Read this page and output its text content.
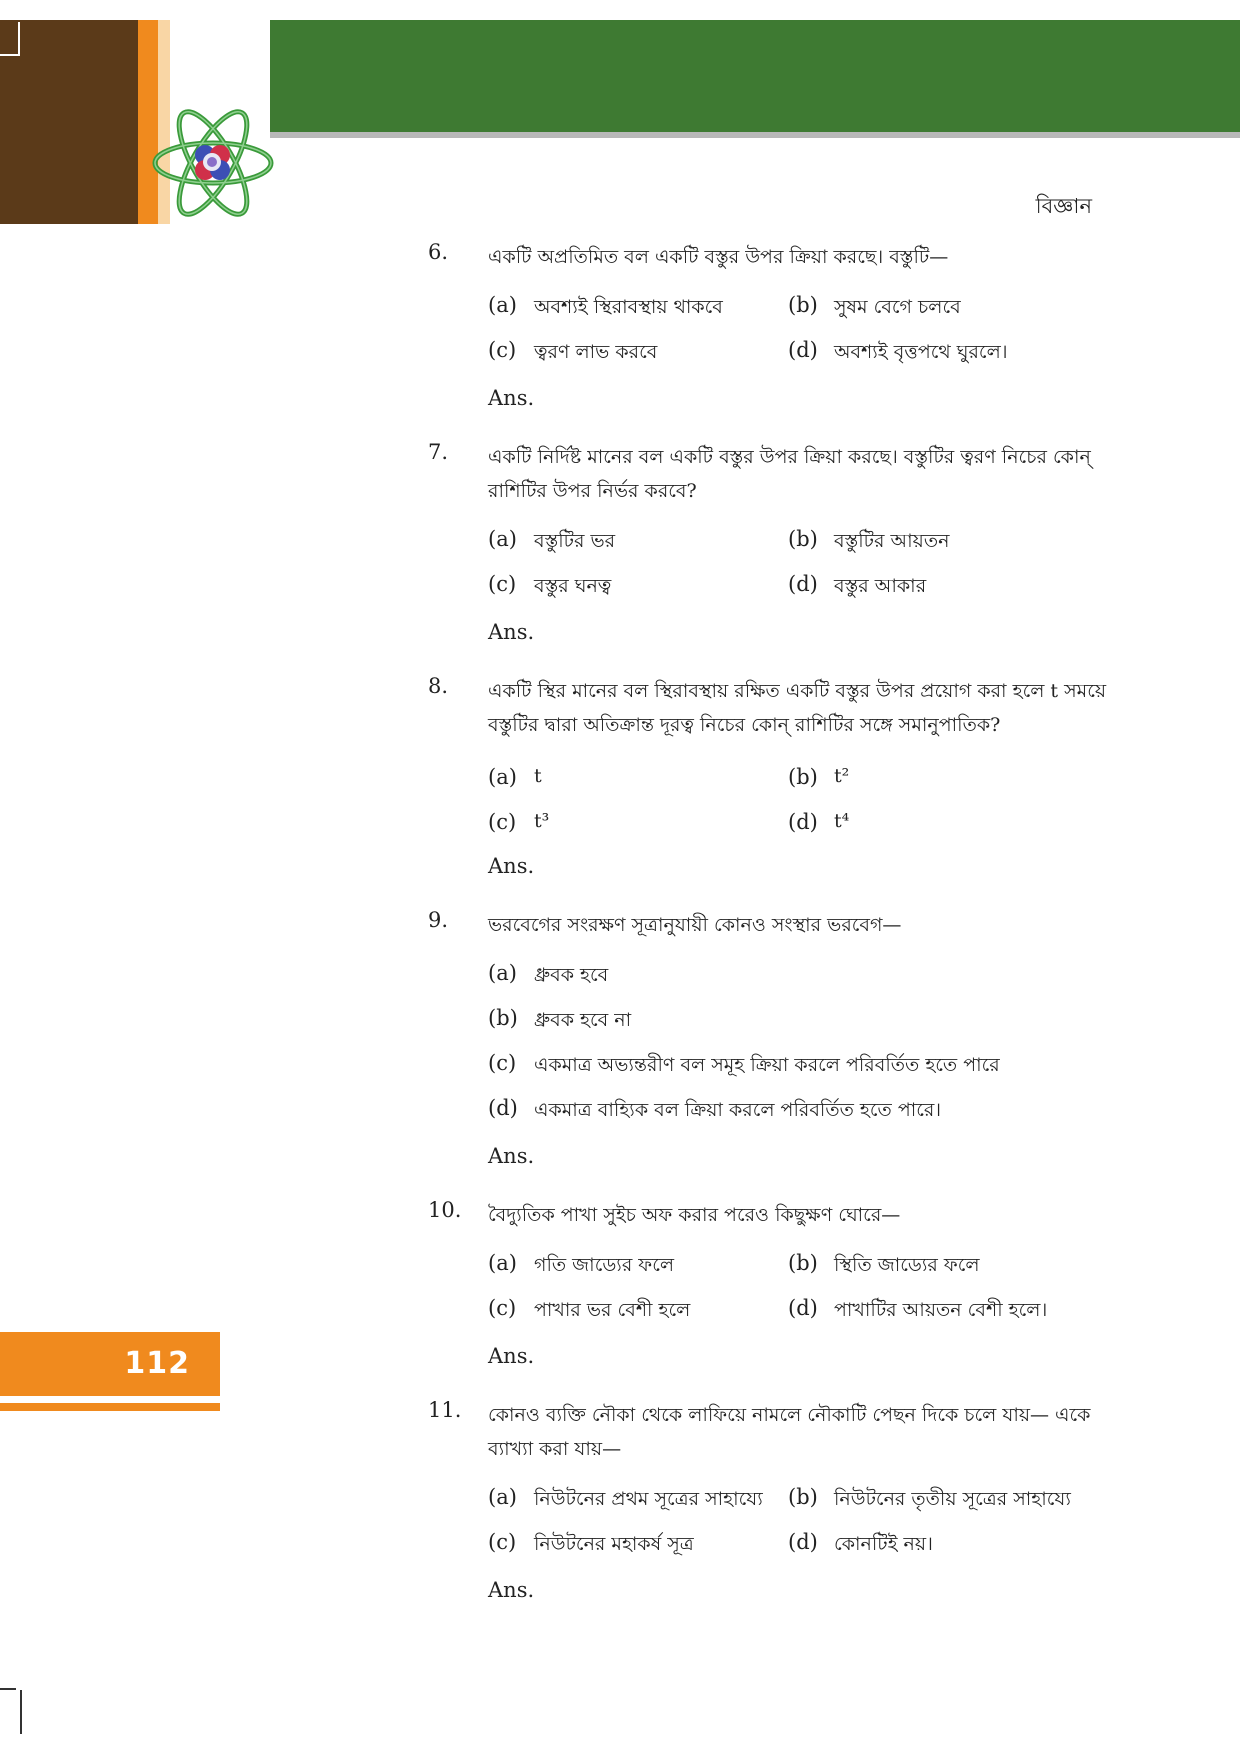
বিজ্ঞান
112
6.	একটি অপ্রতিমিত বল একটি বস্তুর উপর ক্রিয়া করছে। বস্তুটি—
(a) অবশ্যই স্থিরাবস্থায় থাকবে	(b) সুষম বেগে চলবে
(c) ত্বরণ লাভ করবে	(d) অবশ্যই বৃত্তপথে ঘুরলে।
Ans.
7.	একটি নির্দিষ্ট মানের বল একটি বস্তুর উপর ক্রিয়া করছে। বস্তুটির ত্বরণ নিচের কোন্ রাশিটির উপর নির্ভর করবে?
(a) বস্তুটির ভর	(b) বস্তুটির আয়তন
(c) বস্তুর ঘনত্ব	(d) বস্তুর আকার
Ans.
8.	একটি স্থির মানের বল স্থিরাবস্থায় রক্ষিত একটি বস্তুর উপর প্রয়োগ করা হলে t সময়ে বস্তুটির দ্বারা অতিক্রান্ত দূরত্ব নিচের কোন্ রাশিটির সঙ্গে সমানুপাতিক?
(a) t	(b) t²
(c) t³	(d) t⁴
Ans.
9.	ভরবেগের সংরক্ষণ সূত্রানুযায়ী কোনও সংস্থার ভরবেগ—
(a) ধ্রুবক হবে
(b) ধ্রুবক হবে না
(c) একমাত্র অভ্যন্তরীণ বল সমূহ ক্রিয়া করলে পরিবর্তিত হতে পারে
(d) একমাত্র বাহ্যিক বল ক্রিয়া করলে পরিবর্তিত হতে পারে।
Ans.
10.	বৈদ্যুতিক পাখা সুইচ অফ করার পরেও কিছুক্ষণ ঘোরে—
(a) গতি জাড্যের ফলে	(b) স্থিতি জাড্যের ফলে
(c) পাখার ভর বেশী হলে	(d) পাখাটির আয়তন বেশী হলে।
Ans.
11.	কোনও ব্যক্তি নৌকা থেকে লাফিয়ে নামলে নৌকাটি পেছন দিকে চলে যায়— একে ব্যাখ্যা করা যায়—
(a) নিউটনের প্রথম সূত্রের সাহায্যে (b) নিউটনের তৃতীয় সূত্রের সাহায্যে
(c) নিউটনের মহাকর্ষ সূত্র	(d) কোনটিই নয়।
Ans.
